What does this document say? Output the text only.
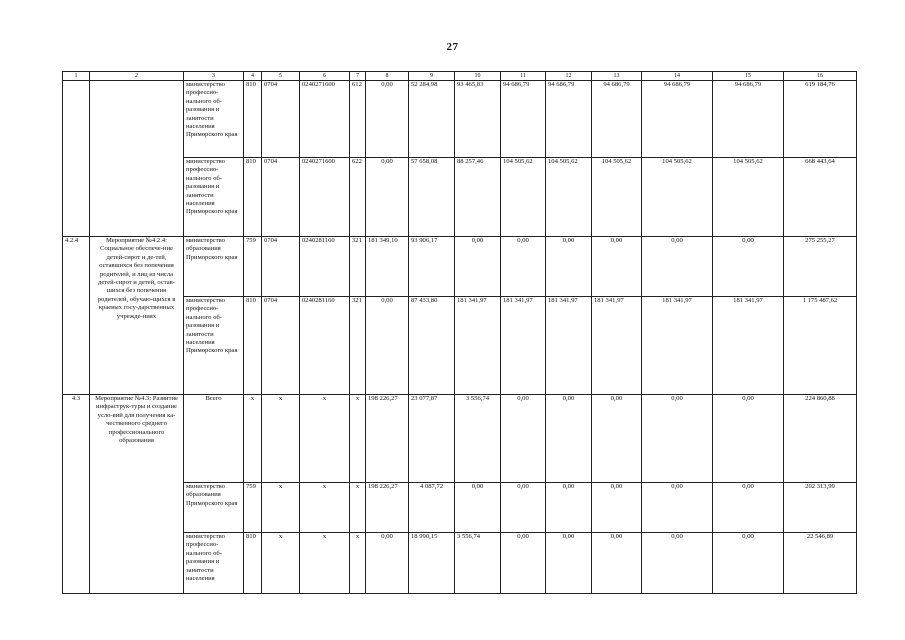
27
1	2	3	4	5	6	7	8	9	10	11	12	13	14	15	16
		министерство профессио-нального об-разования и занятости населения Приморского края	810	0704	0240271600	612	0,00	52 284,98	93 465,83	94 686,79	94 686,79	94 686,79	94 686,79	94 686,79	619 184,76
		министерство профессио-нального об-разования и занятости населения Приморского края	810	0704	0240271600	622	0,00	57 658,08	88 257,46	104 505,62	104 505,62	104 505,62	104 505,62	104 505,62	668 443,64
4.2.4	Мероприятие №4.2.4: Социальное обеспече-ние детей-сирот и де-тей, оставшихся без попечения родителей, и лиц из числа детей-сирот и детей, остав-шихся без попечения родителей, обучаю-щихся в краевых госу-дарственных учрежде-ниях	министерство образования Приморского края	759	0704	0240281160	321	181 349,10	93 906,17	0,00	0,00	0,00	0,00	0,00	0,00	275 255,27
		министерство профессио-нального об-разования и занятости населения Приморского края	810	0704	0240281160	321	0,00	87 433,80	181 341,97	181 341,97	181 341,97	181 341,97	181 341,97	181 341,97	1 175 487,62
4.3	Мероприятие №4.3: Развитие инфраструк-туры и создание усло-вий для получения ка-чественного среднего профессионального образования	Всего	x	x	x	x	198 226,27	23 077,87	3 556,74	0,00	0,00	0,00	0,00	0,00	224 860,88
		министерство образования Приморского края	759	x	x	x	198 226,27	4 087,72	0,00	0,00	0,00	0,00	0,00	0,00	202 313,99
		министерство профессио-нального об-разования и занятости населения	810	x	x	x	0,00	18 990,15	3 556,74	0,00	0,00	0,00	0,00	0,00	22 546,89
